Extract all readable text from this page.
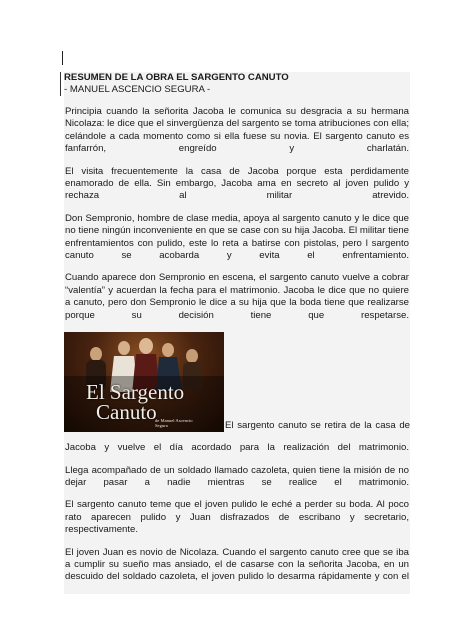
RESUMEN DE LA OBRA EL SARGENTO CANUTO
- MANUEL ASCENCIO SEGURA -

Principia cuando la señorita Jacoba le comunica su desgracia a su hermana Nicolaza: le dice que el sinvergüenza del sargento se toma atribuciones con ella; celándole a cada momento como si ella fuese su novia. El sargento canuto es fanfarrón, engreído y charlatán.

El visita frecuentemente la casa de Jacoba porque esta perdidamente enamorado de ella. Sin embargo, Jacoba ama en secreto al joven pulido y rechaza al militar atrevido.

Don Sempronio, hombre de clase media, apoya al sargento canuto y le dice que no tiene ningún inconveniente en que se case con su hija Jacoba. El militar tiene enfrentamientos con pulido, este lo reta a batirse con pistolas, pero l sargento canuto se acobarda y evita el enfrentamiento.

Cuando aparece don Sempronio en escena, el sargento canuto vuelve a cobrar “valentía” y acuerdan la fecha para el matrimonio. Jacoba le dice que no quiere a canuto, pero don Sempronio le dice a su hija que la boda tiene que realizarse porque su decisión tiene que respetarse.

El Sargento
Canuto
de Manuel Ascencio
Segura	El sargento canuto se retira de la casa de
Jacoba y vuelve el día acordado para la realización del matrimonio.

Llega acompañado de un soldado llamado cazoleta, quien tiene la misión de no dejar pasar a nadie mientras se realice el matrimonio.

El sargento canuto teme que el joven pulido le eché a perder su boda. Al poco rato aparecen pulido y Juan disfrazados de escribano y secretario, respectivamente.

El joven Juan es novio de Nicolaza. Cuando el sargento canuto cree que se iba a cumplir su sueño mas ansiado, el de casarse con la señorita Jacoba, en un descuido del soldado cazoleta, el joven pulido lo desarma rápidamente y con el
